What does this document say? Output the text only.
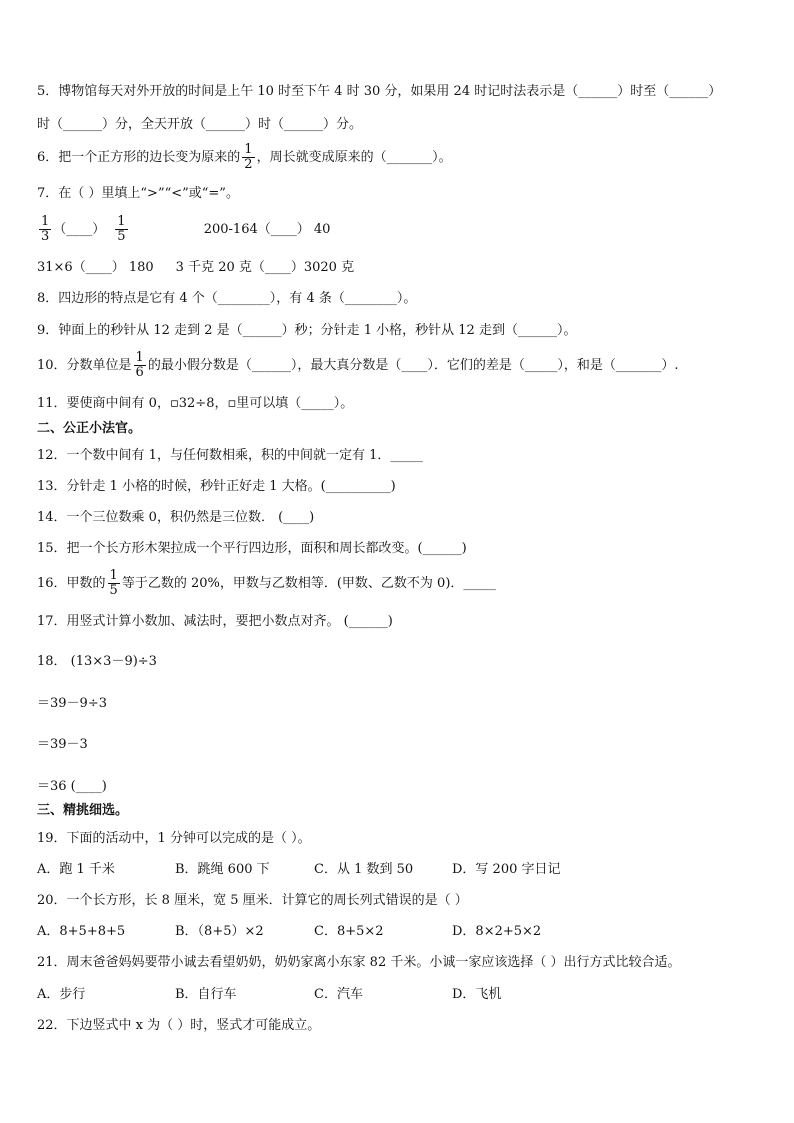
5．博物馆每天对外开放的时间是上午 10 时至下午 4 时 30 分，如果用 24 时记时法表示是（______）时至（______）
时（______）分，全天开放（______）时（______）分。
6．把一个正方形的边长变为原来的 $\frac{1}{2}$ ，周长就变成原来的（_______）。
7．在（ ）里填上“>”“<”或“=”。
$\frac{1}{3}$ （____） $\frac{1}{5}$	200-164（____） 40
31×6（____） 180 3 千克 20 克（____）3020 克
8．四边形的特点是它有 4 个（________），有 4 条（________）。
9．钟面上的秒针从 12 走到 2 是（______）秒；分针走 1 小格，秒针从 12 走到（______）。
10．分数单位是 $\frac{1}{6}$ 的最小假分数是（______），最大真分数是（____）．它们的差是（_____），和是（_______）.
11．要使商中间有 0，▫32÷8，▫里可以填（_____）。
二、公正小法官。
12．一个数中间有 1，与任何数相乘，积的中间就一定有 1．_____
13．分针走 1 小格的时候，秒针正好走 1 大格。(__________)
14．一个三位数乘 0，积仍然是三位数． (____)
15．把一个长方形木架拉成一个平行四边形，面积和周长都改变。(______)
16．甲数的 $\frac{1}{5}$ 等于乙数的 20%，甲数与乙数相等．(甲数、乙数不为 0)．_____
17．用竖式计算小数加、减法时，要把小数点对齐。 (______)
18． (13×3－9)÷3
＝39－9÷3
＝39－3
＝36 (____)
三、精挑细选。
19．下面的活动中，1 分钟可以完成的是（ ）。
A．跑 1 千米	B．跳绳 600 下	C．从 1 数到 50	D．写 200 字日记
20．一个长方形，长 8 厘米，宽 5 厘米．计算它的周长列式错误的是（ ）
A．8+5+8+5	B．（8+5）×2	C．8+5×2	D．8×2+5×2
21．周末爸爸妈妈要带小诚去看望奶奶，奶奶家离小东家 82 千米。小诚一家应该选择（ ）出行方式比较合适。
A．步行	B．自行车	C．汽车	D．飞机
22．下边竖式中 x 为（ ）时，竖式才可能成立。
